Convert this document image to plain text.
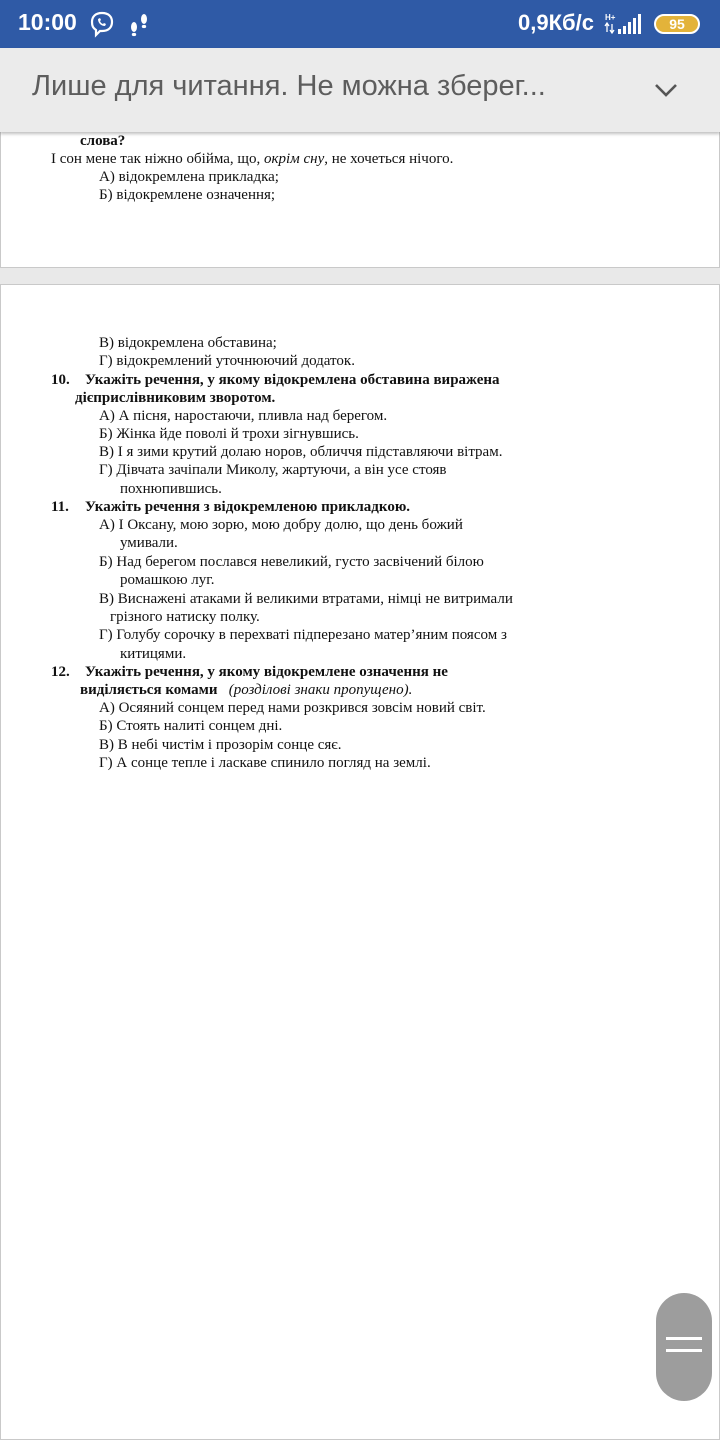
10:00	0,9Кб/с H+	95
слова?
І сон мене так ніжно обійма, що, окрім сну, не хочеться нічого.
А) відокремлена прикладка;
Б) відокремлене означення;
Лише для читання. Не можна зберег...
В) відокремлена обставина;
Г) відокремлений уточнюючий додаток.
10. Укажіть речення, у якому відокремлена обставина виражена
дієприслівниковим зворотом.
А) А пісня, наростаючи, пливла над берегом.
Б) Жінка йде поволі й трохи зігнувшись.
В) І я зими крутий долаю норов, обличчя підставляючи вітрам.
Г) Дівчата зачіпали Миколу, жартуючи, а він усе стояв
похнюпившись.
11. Укажіть речення з відокремленою прикладкою.
А) І Оксану, мою зорю, мою добру долю, що день божий
умивали.
Б) Над берегом послався невеликий, густо засвічений білою
ромашкою луг.
В) Виснажені атаками й великими втратами, німці не витримали
грізного натиску полку.
Г) Голубу сорочку в перехваті підперезано матер’яним поясом з
китицями.
12. Укажіть речення, у якому відокремлене означення не
виділяється комами (розділові знаки пропущено).
А) Осяяний сонцем перед нами розкрився зовсім новий світ.
Б) Стоять налиті сонцем дні.
В) В небі чистім і прозорім сонце сяє.
Г) А сонце тепле і ласкаве спинило погляд на землі.
